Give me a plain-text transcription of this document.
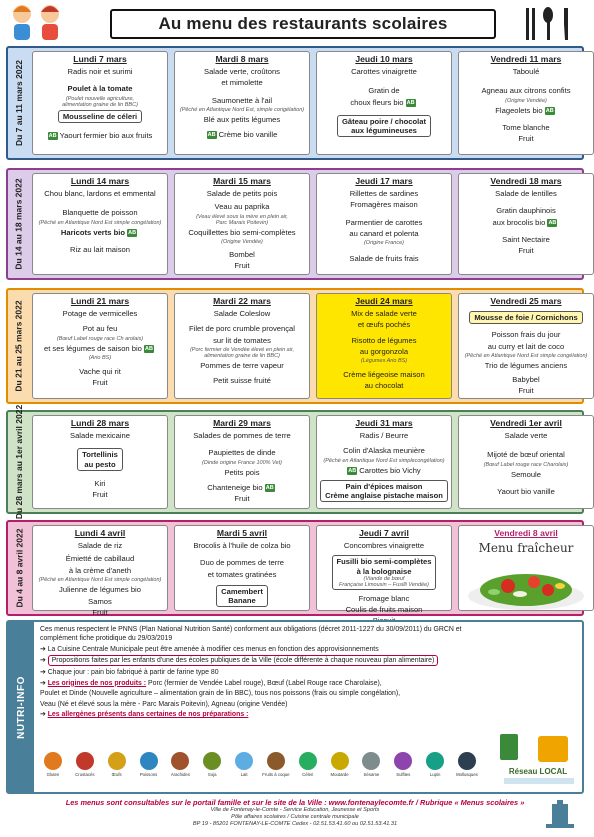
Au menu des restaurants scolaires
Du 7 au 11 mars 2022
Lundi 7 mars
Radis noir et surimi
Poulet à la tomate
(Poulet nouvelle agriculture,
alimentation graine de lin BBC)
Mousseline de céleri
AB Yaourt fermier bio aux fruits
Mardi 8 mars
Salade verte, croûtons
et mimolette
Saumonette à l'ail
(Pêché en Atlantique Nord Est, simple congélation)
Blé aux petits légumes
AB Crème bio vanille
Jeudi 10 mars
Carottes vinaigrette
Gratin de
choux fleurs bio AB
Gâteau poire / chocolat
aux légumineuses
Vendredi 11 mars
Taboulé
Agneau aux citrons confits
(Origine Vendée)
Flageolets bio AB
Tome blanche
Fruit
Du 14 au 18 mars 2022	Lundi 14 mars
Chou blanc, lardons et emmental
Blanquette de poisson
(Pêché en Atlantique Nord Est simple congélation)
Haricots verts bio AB
Riz au lait maison
Mardi 15 mars
Salade de petits pois
Veau au paprika
(Veau élevé sous la mère en plein air,
Parc Marais Poitevin)
Coquillettes bio semi-complètes
(Origine Vendée)
Bombel
Fruit
Jeudi 17 mars
Rillettes de sardines
Fromagères maison
Parmentier de carottes
au canard et polenta
(Origine France)
Salade de fruits frais
Vendredi 18 mars
Salade de lentilles
Gratin dauphinois
aux brocolis bio AB
Saint Nectaire
Fruit
Du 21 au 25 mars 2022	Lundi 21 mars
Potage de vermicelles
Pot au feu
(Bœuf Label rouge race Ch arolais)
et ses légumes de saison bio AB
(Ario BS)
Vache qui rit
Fruit
Mardi 22 mars
Salade Coleslow
Filet de porc crumble provençal
sur lit de tomates
(Porc fermier de Vendée élevé en plein air,
alimentation graine de lin BBC)
Pommes de terre vapeur
Petit suisse fruité
Jeudi 24 mars
Mix de salade verte
et œufs pochés
Risotto de légumes
au gorgonzola
(Légumes Ario BS)
Crème liégeoise maison
au chocolat
Vendredi 25 mars
Mousse de foie / Cornichons
Poisson frais du jour
au curry et lait de coco
(Pêché en Atlantique Nord Est simple congélation)
Trio de légumes anciens
Babybel
Fruit
Du 28 mars au 1er avril 2022	Lundi 28 mars
Salade mexicaine
Tortellinis
au pesto
Kiri
Fruit
Mardi 29 mars
Salades de pommes de terre
Paupiettes de dinde
(Dinde origine France 100% Vet)
Petits pois
Chanteneige bio AB
Fruit
Jeudi 31 mars
Radis / Beurre
Colin d'Alaska meunière
(Pêché en Atlantique Nord Est simplecongélation)
AB Carottes bio Vichy
Pain d'épices maison
Crème anglaise pistache maison
Vendredi 1er avril
Salade verte
Mijoté de bœuf oriental
(Bœuf Label rouge race Charolais)
Semoule
Yaourt bio vanille
Du 4 au 8 avril 2022	Lundi 4 avril
Salade de riz
Émietté de cabillaud
à la crème d'aneth
(Pêché en Atlantique Nord Est simple congélation)
Julienne de légumes bio
Samos
Fruit
Mardi 5 avril
Brocolis à l'huile de colza bio
Duo de pommes de terre
et tomates gratinées
Camembert
Banane
Jeudi 7 avril
Concombres vinaigrette
Fusilli bio semi-complètes
à la bolognaise

(Viande de bœuf
Française Limousin – Fusilli Vendée)
Fromage blanc
Coulis de fruits maison
Vendredi 8 avril
Menu fraîcheur
NUTRI-INFO

Ces menus respectent le PNNS (Plan National Nutrition Santé) conforment aux obligations (décret 2011-1227 du 30/09/2011) du GRCN et complément fiche protidique du 29/03/2019

➔ La Cuisine Centrale Municipale peut être amenée à modifier ces menus en fonction des approvisionnements

➔ Propositions faites par les enfants d'une des écoles publiques de la Ville (école différente à chaque nouveau plan alimentaire)

➔ Chaque jour : pain bio fabriqué à partir de farine type 80

➔ Les origines de nos produits : Porc (fermier de Vendée Label rouge), Bœuf (Label Rouge race Charolaise),

Poulet et Dinde (Nouvelle agriculture – alimentation grain de lin BBC), tous nos poissons (frais ou simple congélation),

Veau (Né et élevé sous la mère - Parc Marais Poitevin), Agneau (origine Vendée)

➔ Les allergènes présents dans certaines de nos préparations :

Gluten	Crustacés	Œufs	Poissons	Arachides	Soja	Lait	Fruits à coque	Céleri	Moutarde	Sésame	Sulfites	Lupin	Mollusques	Réseau LOCAL
Les menus sont consultables sur le portail famille et sur le site de la Ville : www.fontenaylecomte.fr / Rubrique « Menus scolaires »
Ville de Fontenay-le-Comte - Service Education, Jeunesse et Sports
Pôle affaires scolaires / Cuisine centrale municipale
BP 19 - 85201 FONTENAY-LE-COMTE Cedex - 02.51.53.41.60 ou 02.51.53.41.31
